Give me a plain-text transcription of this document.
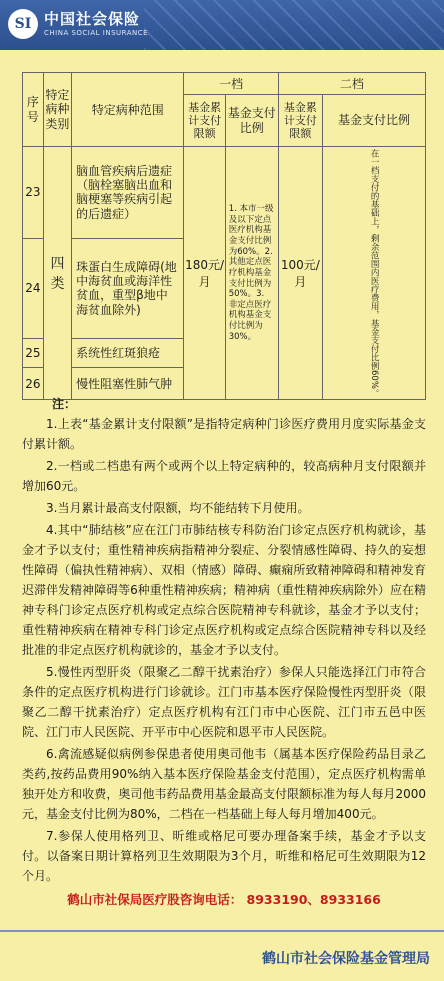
SI 中国社会保险
CHINA SOCIAL INSURANCE
序号	特定病种类别	特定病种范围	一档		二档	
			基金累计支付限额	基金支付比例	基金累计支付限额	基金支付比例
23	四类	脑血管疾病后遗症（脑栓塞脑出血和脑梗塞等疾病引起的后遗症）	180元/月	1. 本市一级及以下定点医疗机构基金支付比例为60%。2. 其他定点医疗机构基金支付比例为50%。3. 非定点医疗机构基金支付比例为30%。	100元/月	在一档支付的基础上，剩余范围内医疗费用，基金支付比例60%。
24		珠蛋白生成障碍(地中海贫血或海洋性贫血，重型β地中海贫血除外)				
25		系统性红斑狼疮				
26		慢性阻塞性肺气肿				

注：

1.上表“基金累计支付限额”是指特定病种门诊医疗费用月度实际基金支付累计额。

2.一档或二档患有两个或两个以上特定病种的，较高病种月支付限额并增加60元。

3.当月累计最高支付限额，均不能结转下月使用。

4.其中“肺结核”应在江门市肺结核专科防治门诊定点医疗机构就诊，基金才予以支付；重性精神疾病指精神分裂症、分裂情感性障碍、持久的妄想性障碍（偏执性精神病）、双相（情感）障碍、癫痫所致精神障碍和精神发育迟滞伴发精神障碍等6种重性精神疾病；精神病（重性精神疾病除外）应在精神专科门诊定点医疗机构或定点综合医院精神专科就诊，基金才予以支付；重性精神疾病在精神专科门诊定点医疗机构或定点综合医院精神专科以及经批准的非定点医疗机构就诊的，基金才予以支付。

5.慢性丙型肝炎（限聚乙二醇干扰素治疗）参保人只能选择江门市符合条件的定点医疗机构进行门诊就诊。江门市基本医疗保险慢性丙型肝炎（限聚乙二醇干扰素治疗）定点医疗机构有江门市中心医院、江门市五邑中医院、江门市人民医院、开平市中心医院和恩平市人民医院。

6.禽流感疑似病例参保患者使用奥司他韦（属基本医疗保险药品目录乙类药,按药品费用90%纳入基本医疗保险基金支付范围），定点医疗机构需单独开处方和收费，奥司他韦药品费用基金最高支付限额标准为每人每月2000元，基金支付比例为80%，二档在一档基础上每人每月增加400元。

7.参保人使用格列卫、昕维或格尼可要办理备案手续，基金才予以支付。以备案日期计算格列卫生效期限为3个月，昕维和格尼可生效期限为12个月。

鹤山市社保局医疗股咨询电话： 8933190、8933166

鹤山市社会保险基金管理局
